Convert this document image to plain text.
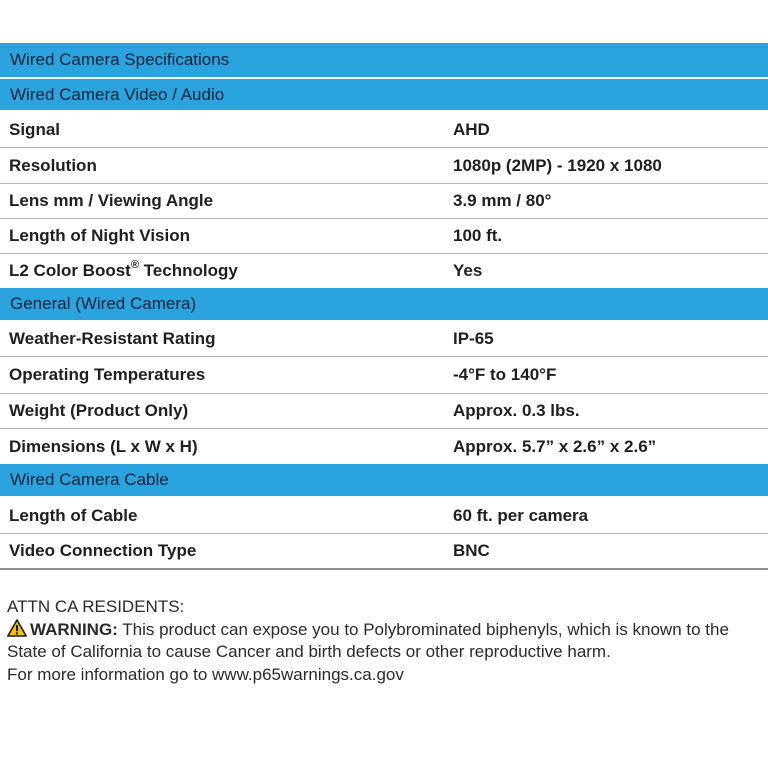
Wired Camera Specifications
Wired Camera Video / Audio
Signal	AHD
Resolution	1080p (2MP) - 1920 x 1080
Lens mm / Viewing Angle	3.9 mm / 80°
Length of Night Vision	100 ft.
L2 Color Boost® Technology	Yes
General (Wired Camera)
Weather-Resistant Rating	IP-65
Operating Temperatures	-4°F to 140°F
Weight (Product Only)	Approx. 0.3 lbs.
Dimensions (L x W x H)	Approx. 5.7” x 2.6” x 2.6”
Wired Camera Cable
Length of Cable	60 ft. per camera
Video Connection Type	BNC
ATTN CA RESIDENTS:
WARNING: This product can expose you to Polybrominated biphenyls, which is known to the State of California to cause Cancer and birth defects or other reproductive harm.
For more information go to www.p65warnings.ca.gov
